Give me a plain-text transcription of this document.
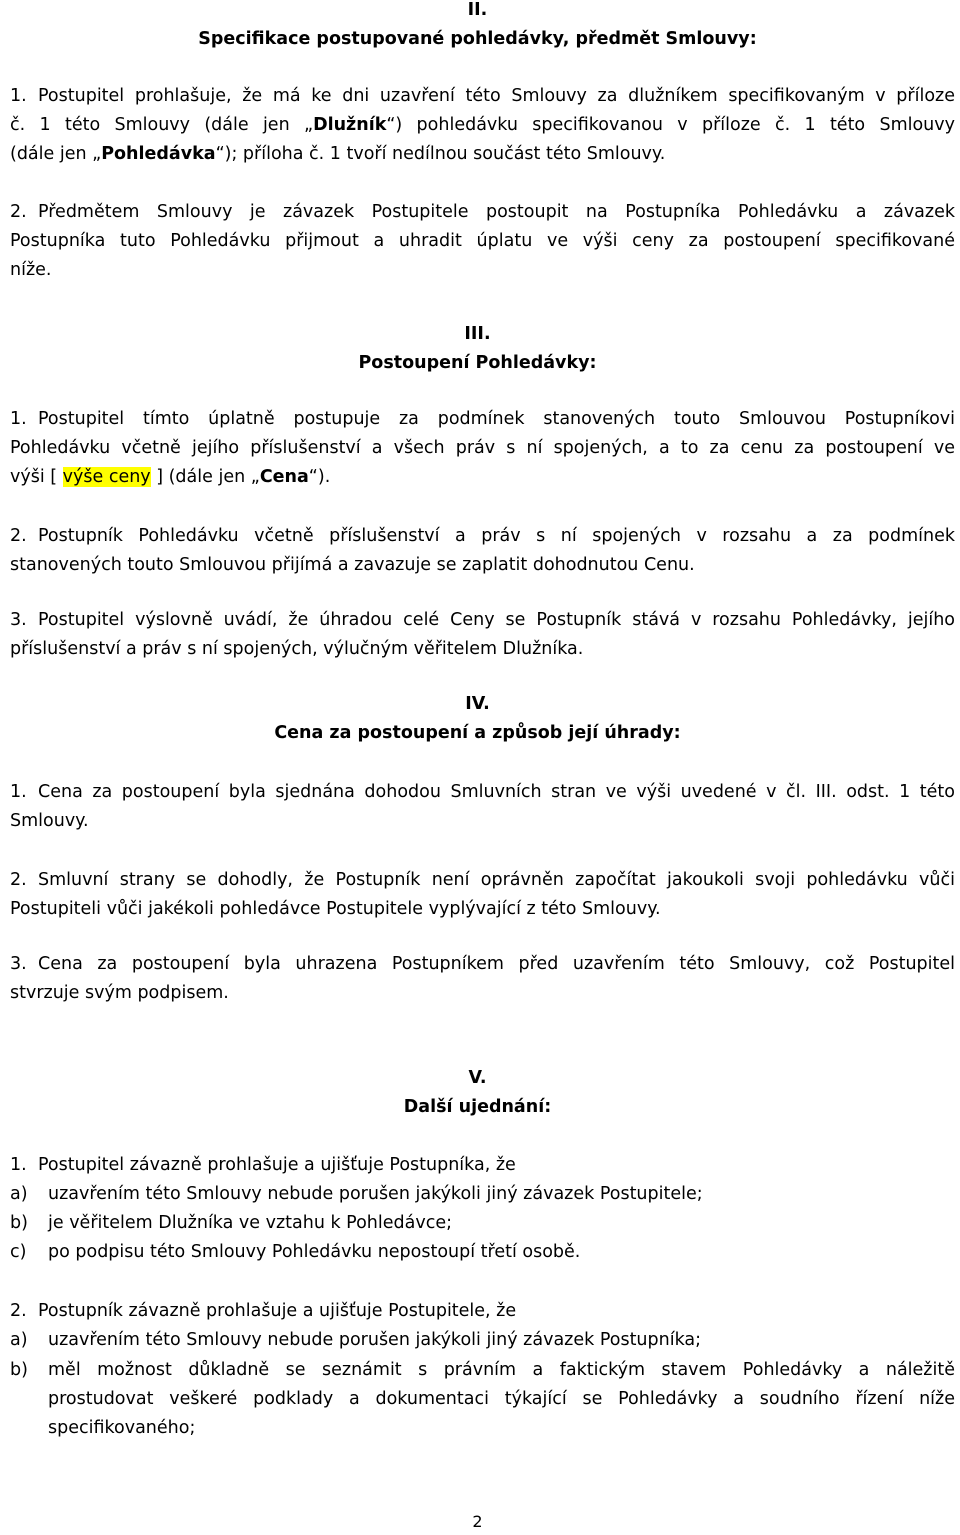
II.
Specifikace postupované pohledávky, předmět Smlouvy:
1. Postupitel prohlašuje, že má ke dni uzavření této Smlouvy za dlužníkem specifikovaným v příloze
č. 1 této Smlouvy (dále jen „Dlužník“) pohledávku specifikovanou v příloze č. 1 této Smlouvy
(dále jen „Pohledávka“); příloha č. 1 tvoří nedílnou součást této Smlouvy.
2. Předmětem Smlouvy je závazek Postupitele postoupit na Postupníka Pohledávku a závazek
Postupníka tuto Pohledávku přijmout a uhradit úplatu ve výši ceny za postoupení specifikované
níže.
III.
Postoupení Pohledávky:
1. Postupitel tímto úplatně postupuje za podmínek stanovených touto Smlouvou Postupníkovi
Pohledávku včetně jejího příslušenství a všech práv s ní spojených, a to za cenu za postoupení ve
výši [ výše ceny ] (dále jen „Cena“).
2. Postupník Pohledávku včetně příslušenství a práv s ní spojených v rozsahu a za podmínek
stanovených touto Smlouvou přijímá a zavazuje se zaplatit dohodnutou Cenu.
3. Postupitel výslovně uvádí, že úhradou celé Ceny se Postupník stává v rozsahu Pohledávky, jejího
příslušenství a práv s ní spojených, výlučným věřitelem Dlužníka.
IV.
Cena za postoupení a způsob její úhrady:
1. Cena za postoupení byla sjednána dohodou Smluvních stran ve výši uvedené v čl. III. odst. 1 této
Smlouvy.
2. Smluvní strany se dohodly, že Postupník není oprávněn započítat jakoukoli svoji pohledávku vůči
Postupiteli vůči jakékoli pohledávce Postupitele vyplývající z této Smlouvy.
3. Cena za postoupení byla uhrazena Postupníkem před uzavřením této Smlouvy, což Postupitel
stvrzuje svým podpisem.
V.
Další ujednání:
1. Postupitel závazně prohlašuje a ujišťuje Postupníka, že
a) uzavřením této Smlouvy nebude porušen jakýkoli jiný závazek Postupitele;
b) je věřitelem Dlužníka ve vztahu k Pohledávce;
c) po podpisu této Smlouvy Pohledávku nepostoupí třetí osobě.
2. Postupník závazně prohlašuje a ujišťuje Postupitele, že
a) uzavřením této Smlouvy nebude porušen jakýkoli jiný závazek Postupníka;
b) měl možnost důkladně se seznámit s právním a faktickým stavem Pohledávky a náležitě
prostudovat veškeré podklady a dokumentaci týkající se Pohledávky a soudního řízení níže
specifikovaného;
2
